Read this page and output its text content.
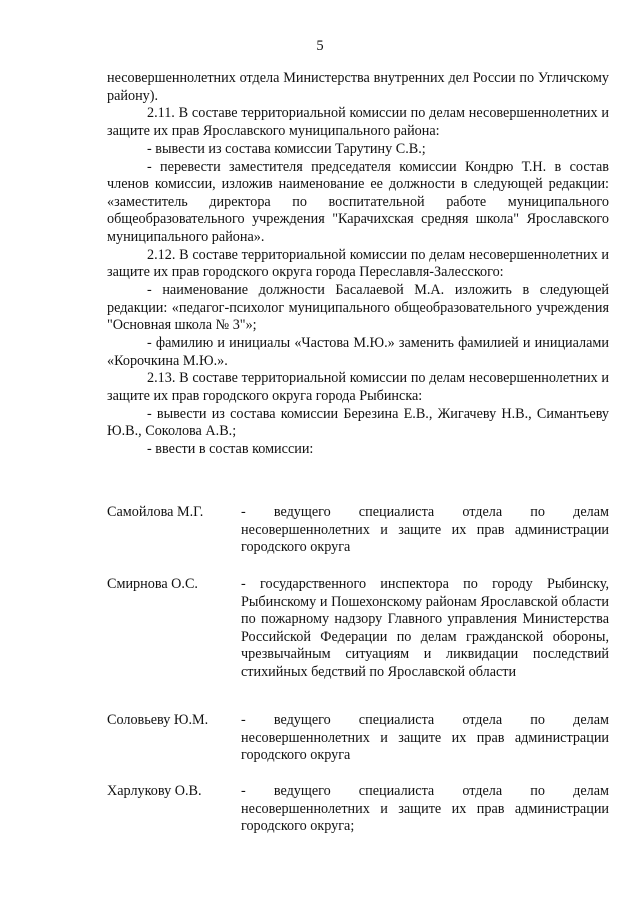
5

несовершеннолетних отдела Министерства внутренних дел России по Угличскому району).

2.11. В составе территориальной комиссии по делам несовершеннолетних и защите их прав Ярославского муниципального района:

- вывести из состава комиссии Тарутину С.В.;

- перевести заместителя председателя комиссии Кондрю Т.Н. в состав членов комиссии, изложив наименование ее должности в следующей редакции: «заместитель директора по воспитательной работе муниципального общеобразовательного учреждения "Карачихская средняя школа" Ярославского муниципального района».

2.12. В составе территориальной комиссии по делам несовершеннолетних и защите их прав городского округа города Переславля-Залесского:

- наименование должности Басалаевой М.А. изложить в следующей редакции: «педагог-психолог муниципального общеобразовательного учреждения "Основная школа № 3"»;

- фамилию и инициалы «Частова М.Ю.» заменить фамилией и инициалами «Корочкина М.Ю.».

2.13. В составе территориальной комиссии по делам несовершеннолетних и защите их прав городского округа города Рыбинска:

- вывести из состава комиссии Березина Е.В., Жигачеву Н.В., Симантьеву Ю.В., Соколова А.В.;

- ввести в состав комиссии:

Самойлова М.Г.	- ведущего специалиста отдела по делам несовершеннолетних и защите их прав администрации городского округа
Смирнова О.С.	- государственного инспектора по городу Рыбинску, Рыбинскому и Пошехонскому районам Ярославской области по пожарному надзору Главного управления Министерства Российской Федерации по делам гражданской обороны, чрезвычайным ситуациям и ликвидации последствий стихийных бедствий по Ярославской области
Соловьеву Ю.М.	- ведущего специалиста отдела по делам несовершеннолетних и защите их прав администрации городского округа
Харлукову О.В.	- ведущего специалиста отдела по делам несовершеннолетних и защите их прав администрации городского округа;
